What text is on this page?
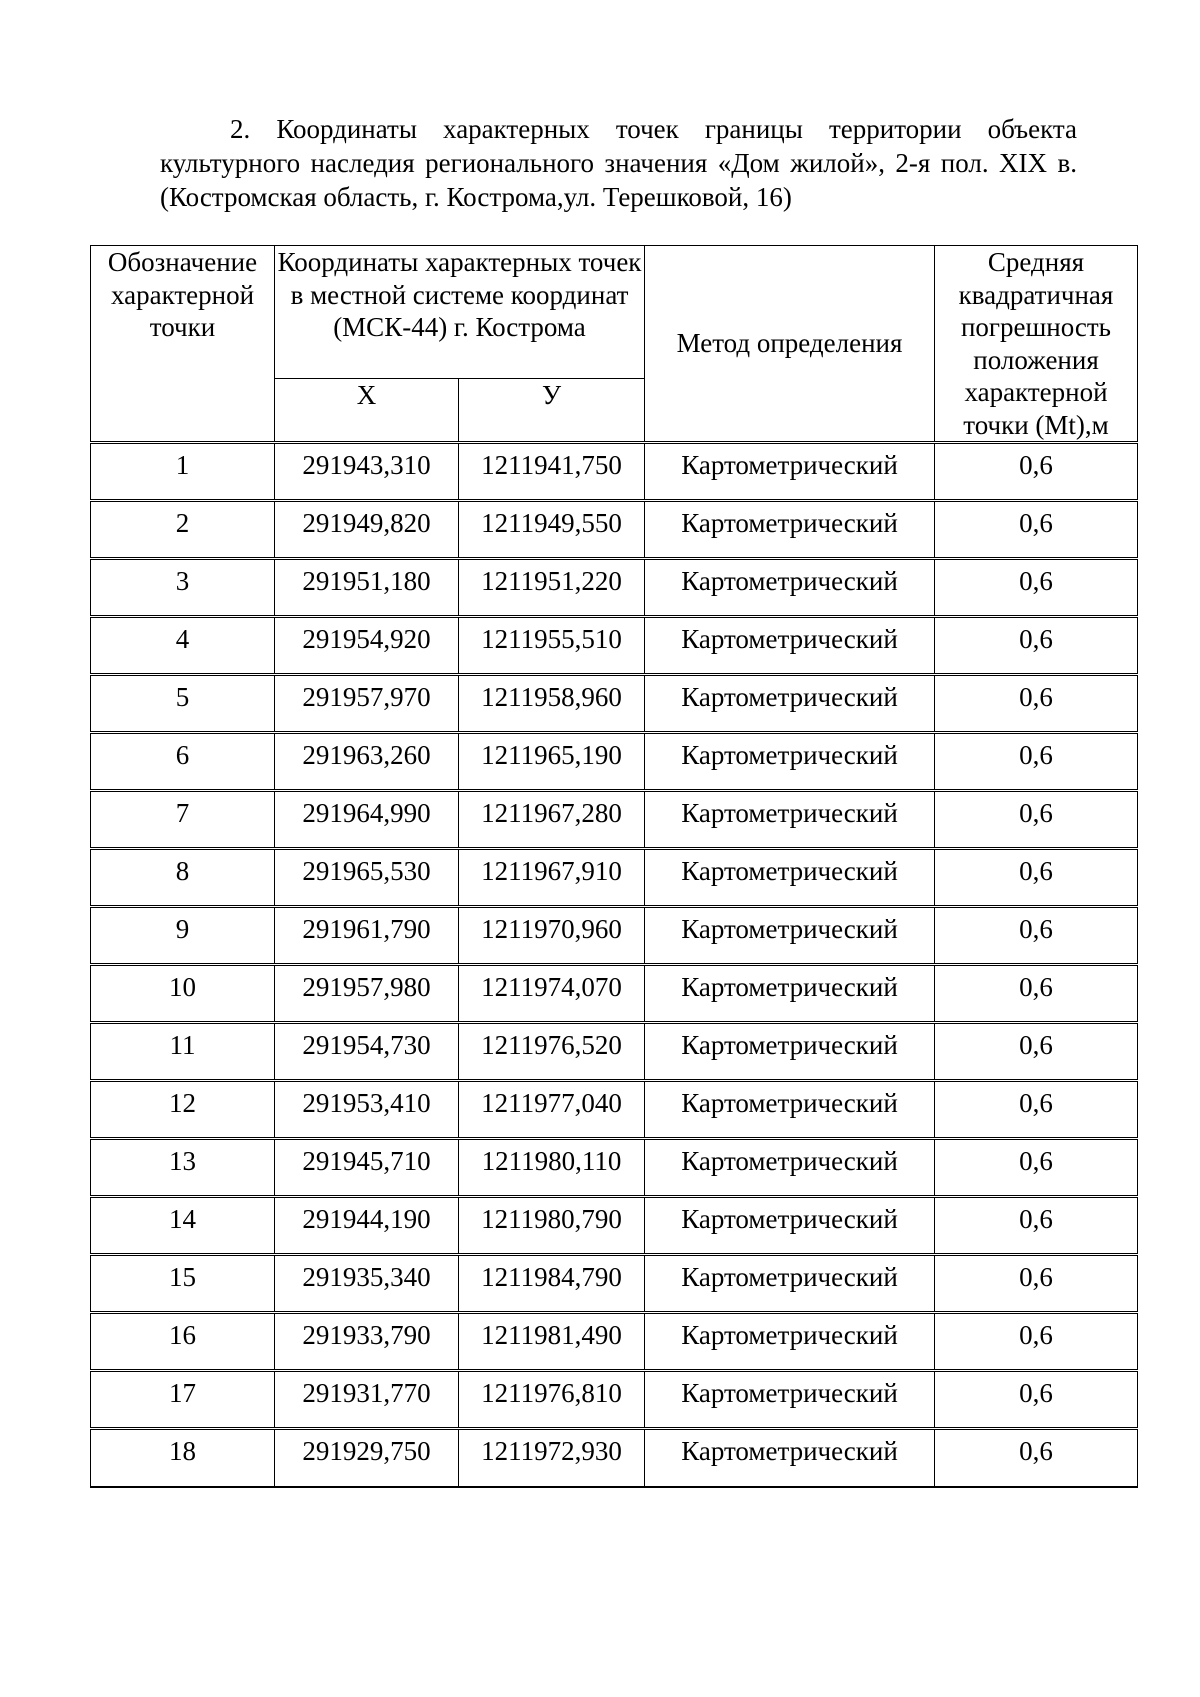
2. Координаты характерных точек границы территории объекта культурного наследия регионального значения «Дом жилой», 2-я пол. XIX в. (Костромская область, г. Кострома,ул. Терешковой, 16)
Обозначение характерной точки	Координаты характерных точек в местной системе координат (МСК-44) г. Кострома		Метод определения	Средняя квадратичная погрешность положения характерной точки (Mt),м
	Х	У		
1	291943,310	1211941,750	Картометрический	0,6
2	291949,820	1211949,550	Картометрический	0,6
3	291951,180	1211951,220	Картометрический	0,6
4	291954,920	1211955,510	Картометрический	0,6
5	291957,970	1211958,960	Картометрический	0,6
6	291963,260	1211965,190	Картометрический	0,6
7	291964,990	1211967,280	Картометрический	0,6
8	291965,530	1211967,910	Картометрический	0,6
9	291961,790	1211970,960	Картометрический	0,6
10	291957,980	1211974,070	Картометрический	0,6
11	291954,730	1211976,520	Картометрический	0,6
12	291953,410	1211977,040	Картометрический	0,6
13	291945,710	1211980,110	Картометрический	0,6
14	291944,190	1211980,790	Картометрический	0,6
15	291935,340	1211984,790	Картометрический	0,6
16	291933,790	1211981,490	Картометрический	0,6
17	291931,770	1211976,810	Картометрический	0,6
18	291929,750	1211972,930	Картометрический	0,6
